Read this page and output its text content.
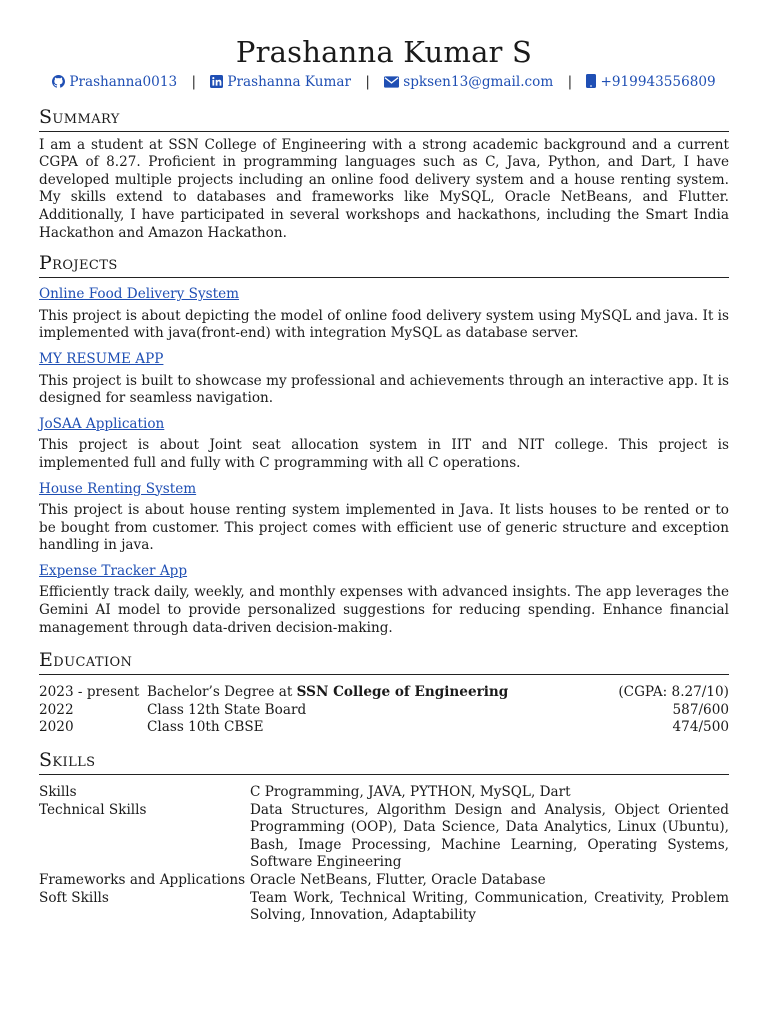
Prashanna Kumar S
Prashanna0013 | Prashanna Kumar | spksen13@gmail.com | +919943556809
Summary

I am a student at SSN College of Engineering with a strong academic background and a current CGPA of 8.27. Proficient in programming languages such as C, Java, Python, and Dart, I have developed multiple projects including an online food delivery system and a house renting system. My skills extend to databases and frameworks like MySQL, Oracle NetBeans, and Flutter. Additionally, I have participated in several workshops and hackathons, including the Smart India Hackathon and Amazon Hackathon.

Projects
Online Food Delivery System

This project is about depicting the model of online food delivery system using MySQL and java. It is implemented with java(front-end) with integration MySQL as database server.

MY RESUME APP

This project is built to showcase my professional and achievements through an interactive app. It is designed for seamless navigation.

JoSAA Application

This project is about Joint seat allocation system in IIT and NIT college. This project is implemented full and fully with C programming with all C operations.

House Renting System

This project is about house renting system implemented in Java. It lists houses to be rented or to be bought from customer. This project comes with efficient use of generic structure and exception handling in java.

Expense Tracker App

Efficiently track daily, weekly, and monthly expenses with advanced insights. The app leverages the Gemini AI model to provide personalized suggestions for reducing spending. Enhance financial management through data-driven decision-making.

Education
2023 - present	Bachelor’s Degree at SSN College of Engineering	(CGPA: 8.27/10)
2022	Class 12th State Board	587/600
2020	Class 10th CBSE	474/500
Skills
Skills	C Programming, JAVA, PYTHON, MySQL, Dart
Technical Skills	Data Structures, Algorithm Design and Analysis, Object Oriented Programming (OOP), Data Science, Data Analytics, Linux (Ubuntu), Bash, Image Processing, Machine Learning, Operating Systems, Software Engineering
Frameworks and Applications	Oracle NetBeans, Flutter, Oracle Database
Soft Skills	Team Work, Technical Writing, Communication, Creativity, Problem Solving, Innovation, Adaptability
